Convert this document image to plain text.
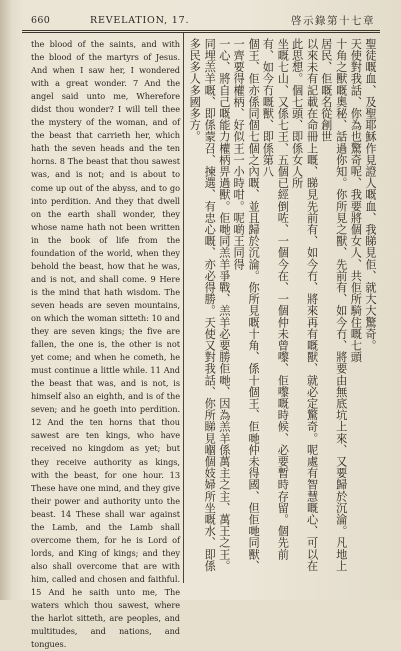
660	REVELATION, 17.	啓示錄第十七章

the blood of the saints, and with the blood of the martyrs of Jesus. And when I saw her, I wondered with a great wonder. 7 And the angel said unto me, Wherefore didst thou wonder? I will tell thee the mystery of the woman, and of the beast that carrieth her, which hath the seven heads and the ten horns. 8 The beast that thou sawest was, and is not; and is about to come up out of the abyss, and to go into perdition. And they that dwell on the earth shall wonder, they whose name hath not been written in the book of life from the foundation of the world, when they behold the beast, how that he was, and is not, and shall come. 9 Here is the mind that hath wisdom. The seven heads are seven mountains, on which the woman sitteth: 10 and they are seven kings; the five are fallen, the one is, the other is not yet come; and when he cometh, he must continue a little while. 11 And the beast that was, and is not, is himself also an eighth, and is of the seven; and he goeth into perdition. 12 And the ten horns that thou sawest are ten kings, who have received no kingdom as yet; but they receive authority as kings, with the beast, for one hour. 13 These have one mind, and they give their power and authority unto the beast. 14 These shall war against the Lamb, and the Lamb shall overcome them, for he is Lord of lords, and King of kings; and they also shall overcome that are with him, called and chosen and faithful. 15 And he saith unto me, The waters which thou sawest, where the harlot sitteth, are peoples, and multitudes, and nations, and tongues.

聖徒嘅血、及聖耶穌作見證人嘅血、我睇見佢、就大大驚奇。
天使對我話、你為也驚奇呢、我要將個女人、共佢所騎住嘅七頭
十角之獸嘅奧秘、話過你知。你所見之獸、先前有、如今冇、將要由無底坑上來、又要歸於沉淪。凡地上居民、佢嘅名從創世
以來未有記載在命冊上嘅、睇見先前有、如今冇、將來再有嘅獸、就必定驚奇。呢處有智慧嘅心、可以在此思想。個七頭、即係女人所
坐嘅七山、又係七王、五個已經倒咗、一個今在、一個仲未曾嚟、佢嚟嘅時候、必要暫時存留。個先前有、如今冇嘅獸、即係第八
個王、佢亦係同個七個之內嘅、並且歸於沉淪。你所見嘅十角、係十個王、佢哋仲未得國、但佢哋同獸、一齊要得權柄、好似王一小時咁。呢啲王同得
一心、將自己嘅能力權柄畀過獸。佢哋同羔羊爭戰、羔羊必要勝佢哋、因為羔羊係萬主之主、萬王之王。
同埋羔羊嘅、即係蒙召、揀選、有忠心嘅、亦必得勝。天使又對我話、你所睇見嗰個妓婦所坐嘅水、即係多民多人多國多方。
